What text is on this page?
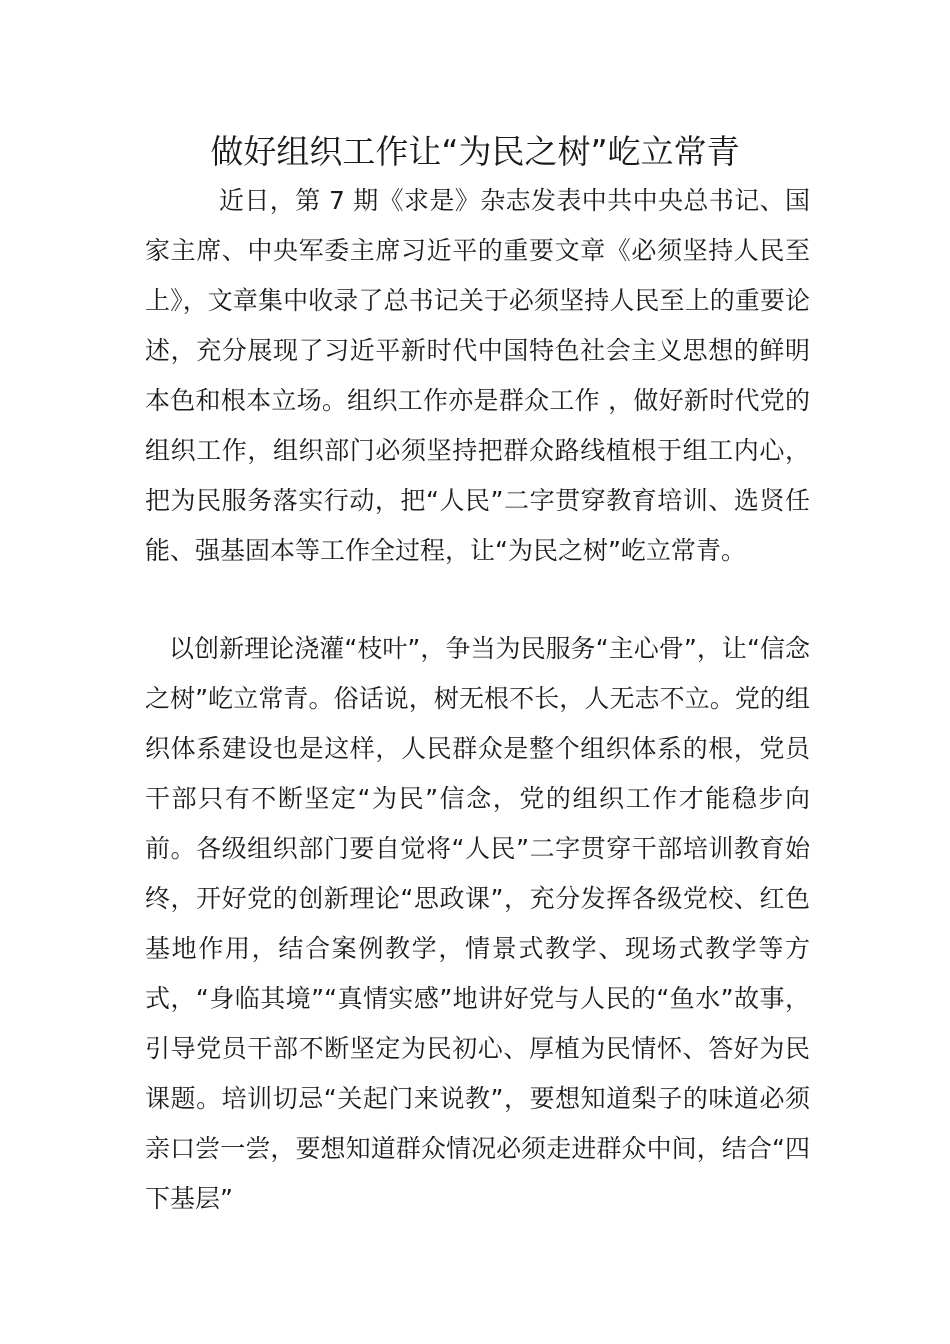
做好组织工作让“为民之树”屹立常青

近日，第 7 期《求是》杂志发表中共中央总书记、国家主席、中央军委主席习近平的重要文章《必须坚持人民至上》，文章集中收录了总书记关于必须坚持人民至上的重要论述，充分展现了习近平新时代中国特色社会主义思想的鲜明本色和根本立场。组织工作亦是群众工作 ，做好新时代党的组织工作，组织部门必须坚持把群众路线植根于组工内心，把为民服务落实行动，把“人民”二字贯穿教育培训、选贤任能、强基固本等工作全过程，让“为民之树”屹立常青。

以创新理论浇灌“枝叶”，争当为民服务“主心骨”，让“信念之树”屹立常青。俗话说，树无根不长，人无志不立。党的组织体系建设也是这样，人民群众是整个组织体系的根，党员干部只有不断坚定“为民”信念，党的组织工作才能稳步向前。各级组织部门要自觉将“人民”二字贯穿干部培训教育始终，开好党的创新理论“思政课”，充分发挥各级党校、红色基地作用，结合案例教学，情景式教学、现场式教学等方式，“身临其境”“真情实感”地讲好党与人民的“鱼水”故事，引导党员干部不断坚定为民初心、厚植为民情怀、答好为民课题。培训切忌“关起门来说教”，要想知道梨子的味道必须亲口尝一尝，要想知道群众情况必须走进群众中间，结合“四下基层”
